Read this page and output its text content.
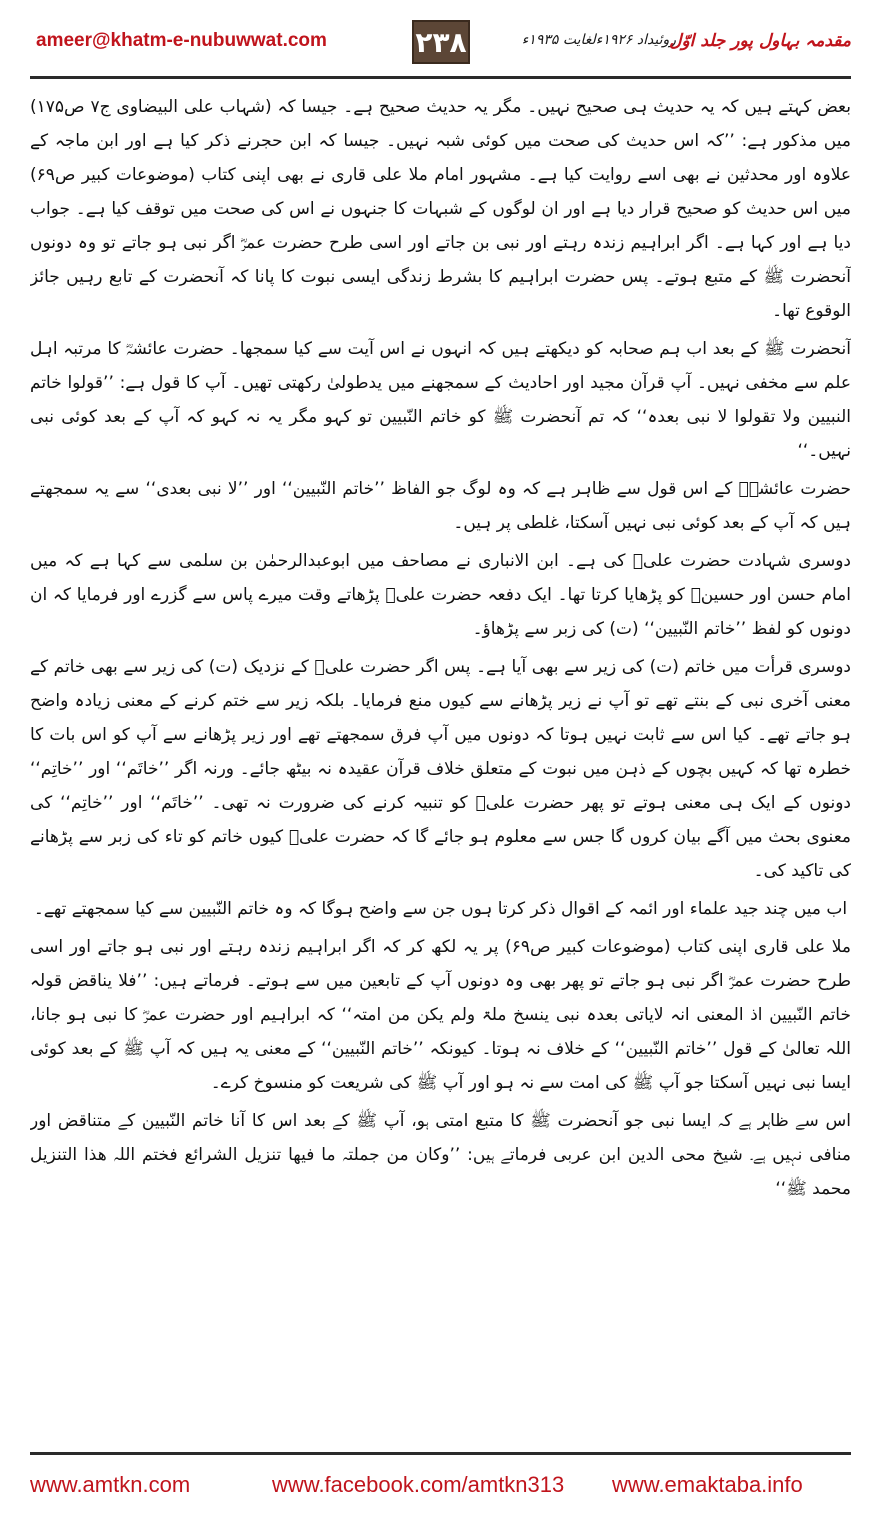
ameer@khatm-e-nubuwwat.com	۲۳۸	روئیداد ۱۹۲۶ءلغایت ۱۹۳۵ء
مقدمہ بہاول پور جلد اوّل

بعض کہتے ہیں کہ یہ حدیث ہی صحیح نہیں۔ مگر یہ حدیث صحیح ہے۔ جیسا کہ (شہاب علی البیضاوی ج۷ ص۱۷۵) میں مذکور ہے: ’’کہ اس حدیث کی صحت میں کوئی شبہ نہیں۔ جیسا کہ ابن حجرنے ذکر کیا ہے اور ابن ماجہ کے علاوہ اور محدثین نے بھی اسے روایت کیا ہے۔ مشہور امام ملا علی قاری نے بھی اپنی کتاب (موضوعات کبیر ص۶۹) میں اس حدیث کو صحیح قرار دیا ہے اور ان لوگوں کے شبہات کا جنہوں نے اس کی صحت میں توقف کیا ہے۔ جواب دیا ہے اور کہا ہے۔ اگر ابراہیم زندہ رہتے اور نبی بن جاتے اور اسی طرح حضرت عمرؓ اگر نبی ہو جاتے تو وہ دونوں آنحضرت ﷺ کے متبع ہوتے۔ پس حضرت ابراہیم کا بشرط زندگی ایسی نبوت کا پانا کہ آنحضرت کے تابع رہیں جائز الوقوع تھا۔

آنحضرت ﷺ کے بعد اب ہم صحابہ کو دیکھتے ہیں کہ انہوں نے اس آیت سے کیا سمجھا۔ حضرت عائشہؓ کا مرتبہ اہل علم سے مخفی نہیں۔ آپ قرآن مجید اور احادیث کے سمجھنے میں یدطولیٰ رکھتی تھیں۔ آپ کا قول ہے: ’’قولوا خاتم النبیین ولا تقولوا لا نبی بعدہ‘‘ کہ تم آنحضرت ﷺ کو خاتم النّبیین تو کہو مگر یہ نہ کہو کہ آپ کے بعد کوئی نبی نہیں۔‘‘

حضرت عائشہؓ کے اس قول سے ظاہر ہے کہ وہ لوگ جو الفاظ ’’خاتم النّبیین‘‘ اور ’’لا نبی بعدی‘‘ سے یہ سمجھتے ہیں کہ آپ کے بعد کوئی نبی نہیں آسکتا، غلطی پر ہیں۔

دوسری شہادت حضرت علیؓ کی ہے۔ ابن الانباری نے مصاحف میں ابوعبدالرحمٰن بن سلمی سے کہا ہے کہ میں امام حسن اور حسینؓ کو پڑھایا کرتا تھا۔ ایک دفعہ حضرت علیؓ پڑھاتے وقت میرے پاس سے گزرے اور فرمایا کہ ان دونوں کو لفظ ’’خاتم النّبیین‘‘ (ت) کی زبر سے پڑھاؤ۔

دوسری قرأت میں خاتم (ت) کی زیر سے بھی آیا ہے۔ پس اگر حضرت علیؓ کے نزدیک (ت) کی زیر سے بھی خاتم کے معنی آخری نبی کے بنتے تھے تو آپ نے زیر پڑھانے سے کیوں منع فرمایا۔ بلکہ زیر سے ختم کرنے کے معنی زیادہ واضح ہو جاتے تھے۔ کیا اس سے ثابت نہیں ہوتا کہ دونوں میں آپ فرق سمجھتے تھے اور زیر پڑھانے سے آپ کو اس بات کا خطرہ تھا کہ کہیں بچوں کے ذہن میں نبوت کے متعلق خلاف قرآن عقیدہ نہ بیٹھ جائے۔ ورنہ اگر ’’خاتَم‘‘ اور ’’خاتِم‘‘ دونوں کے ایک ہی معنی ہوتے تو پھر حضرت علیؓ کو تنبیہ کرنے کی ضرورت نہ تھی۔ ’’خاتَم‘‘ اور ’’خاتِم‘‘ کی معنوی بحث میں آگے بیان کروں گا جس سے معلوم ہو جائے گا کہ حضرت علیؓ کیوں خاتم کو تاء کی زبر سے پڑھانے کی تاکید کی۔

اب میں چند جید علماء اور ائمہ کے اقوال ذکر کرتا ہوں جن سے واضح ہوگا کہ وہ خاتم النّبیین سے کیا سمجھتے تھے۔

ملا علی قاری اپنی کتاب (موضوعات کبیر ص۶۹) پر یہ لکھ کر کہ اگر ابراہیم زندہ رہتے اور نبی ہو جاتے اور اسی طرح حضرت عمرؓ اگر نبی ہو جاتے تو پھر بھی وہ دونوں آپ کے تابعین میں سے ہوتے۔ فرماتے ہیں: ’’فلا یناقض قولہ خاتم النّبیین اذ المعنی انہ لایاتی بعدہ نبی ینسخ ملۃ ولم یکن من امتہ‘‘ کہ ابراہیم اور حضرت عمرؓ کا نبی ہو جانا، اللہ تعالیٰ کے قول ’’خاتم النّبیین‘‘ کے خلاف نہ ہوتا۔ کیونکہ ’’خاتم النّبیین‘‘ کے معنی یہ ہیں کہ آپ ﷺ کے بعد کوئی ایسا نبی نہیں آسکتا جو آپ ﷺ کی امت سے نہ ہو اور آپ ﷺ کی شریعت کو منسوخ کرے۔

اس سے ظاہر ہے کہ ایسا نبی جو آنحضرت ﷺ کا متبع امتی ہو، آپ ﷺ کے بعد اس کا آنا خاتم النّبیین کے متناقض اور منافی نہیں ہے۔ شیخ محی الدین ابن عربی فرماتے ہیں: ’’وکان من جملتہ ما فیھا تنزیل الشرائع فختم اللہ ھذا التنزیل محمد ﷺ‘‘

www.amtkn.com	www.facebook.com/amtkn313 www.emaktaba.info
